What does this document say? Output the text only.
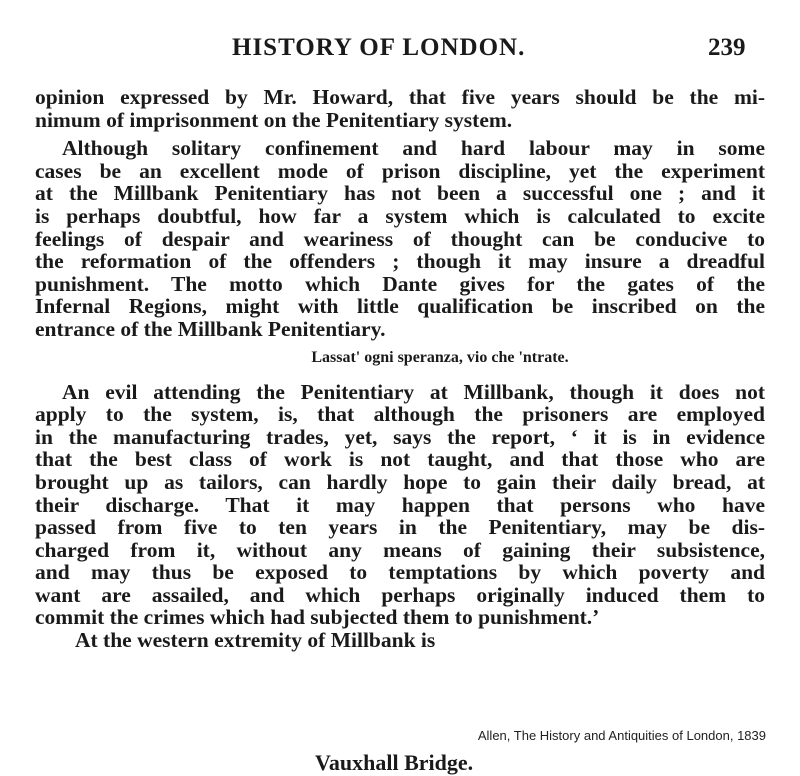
HISTORY OF LONDON.	239
opinion expressed by Mr. Howard, that five years should be the mi-
nimum of imprisonment on the Penitentiary system.
Although solitary confinement and hard labour may in some
cases be an excellent mode of prison discipline, yet the experiment
at the Millbank Penitentiary has not been a successful one ; and it
is perhaps doubtful, how far a system which is calculated to excite
feelings of despair and weariness of thought can be conducive to
the reformation of the offenders ; though it may insure a dreadful
punishment. The motto which Dante gives for the gates of the
Infernal Regions, might with little qualification be inscribed on the
entrance of the Millbank Penitentiary.
Lassat' ogni speranza, vio che 'ntrate.
An evil attending the Penitentiary at Millbank, though it does not
apply to the system, is, that although the prisoners are employed
in the manufacturing trades, yet, says the report, ‘ it is in evidence
that the best class of work is not taught, and that those who are
brought up as tailors, can hardly hope to gain their daily bread, at
their discharge. That it may happen that persons who have
passed from five to ten years in the Penitentiary, may be dis-
charged from it, without any means of gaining their subsistence,
and may thus be exposed to temptations by which poverty and
want are assailed, and which perhaps originally induced them to
commit the crimes which had subjected them to punishment.’
At the western extremity of Millbank is
Allen, The History and Antiquities of London, 1839
Vauxhall Bridge.
